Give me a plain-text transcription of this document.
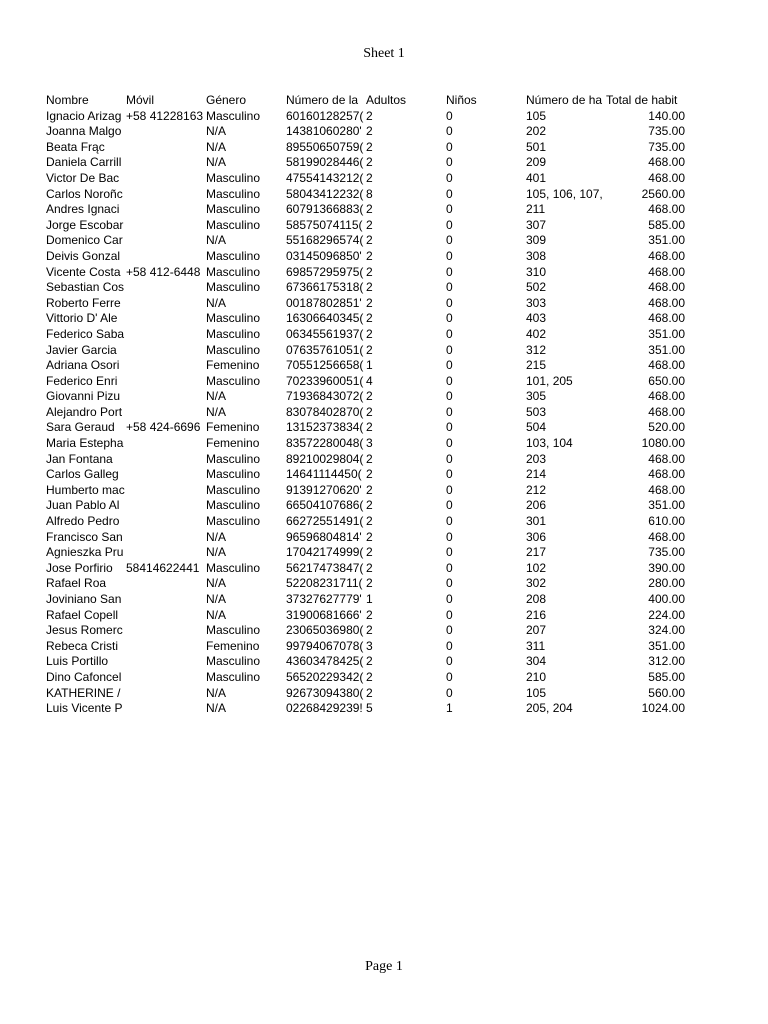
Sheet 1
Nombre	Móvil	Género	Número de la	Adultos	Niños	Número de ha	Total de habit
Ignacio Arizag	+58 41228163	Masculino	60160128257(	2	0	105	140.00
Joanna Malgo		N/A	14381060280'	2	0	202	735.00
Beata Frąc		N/A	89550650759(	2	0	501	735.00
Daniela Carrill		N/A	58199028446(	2	0	209	468.00
Victor De Bac		Masculino	47554143212(	2	0	401	468.00
Carlos Noroñc		Masculino	58043412232(	8	0	105, 106, 107,	2560.00
Andres Ignaci		Masculino	60791366883(	2	0	211	468.00
Jorge Escobar		Masculino	58575074115(	2	0	307	585.00
Domenico Car		N/A	55168296574(	2	0	309	351.00
Deivis Gonzal		Masculino	03145096850'	2	0	308	468.00
Vicente Costa	+58 412-6448	Masculino	69857295975(	2	0	310	468.00
Sebastian Cos		Masculino	67366175318(	2	0	502	468.00
Roberto Ferre		N/A	00187802851'	2	0	303	468.00
Vittorio D' Ale		Masculino	16306640345(	2	0	403	468.00
Federico Saba		Masculino	06345561937(	2	0	402	351.00
Javier Garcia		Masculino	07635761051(	2	0	312	351.00
Adriana Osori		Femenino	70551256658(	1	0	215	468.00
Federico Enri		Masculino	70233960051(	4	0	101, 205	650.00
Giovanni Pizu		N/A	71936843072(	2	0	305	468.00
Alejandro Port		N/A	83078402870(	2	0	503	468.00
Sara Geraud	+58 424-6696	Femenino	13152373834(	2	0	504	520.00
Maria Estepha		Femenino	83572280048(	3	0	103, 104	1080.00
Jan Fontana		Masculino	89210029804(	2	0	203	468.00
Carlos Galleg		Masculino	14641114450(	2	0	214	468.00
Humberto mac		Masculino	91391270620'	2	0	212	468.00
Juan Pablo Al		Masculino	66504107686(	2	0	206	351.00
Alfredo Pedro		Masculino	66272551491(	2	0	301	610.00
Francisco San		N/A	96596804814'	2	0	306	468.00
Agnieszka Pru		N/A	17042174999(	2	0	217	735.00
Jose Porfirio	58414622441	Masculino	56217473847(	2	0	102	390.00
Rafael Roa		N/A	52208231711(	2	0	302	280.00
Joviniano San		N/A	37327627779'	1	0	208	400.00
Rafael Copell		N/A	31900681666'	2	0	216	224.00
Jesus Romerc		Masculino	23065036980(	2	0	207	324.00
Rebeca Cristi		Femenino	99794067078(	3	0	311	351.00
Luis Portillo		Masculino	43603478425(	2	0	304	312.00
Dino Cafoncel		Masculino	56520229342(	2	0	210	585.00
KATHERINE /		N/A	92673094380(	2	0	105	560.00
Luis Vicente P		N/A	02268429239!	5	1	205, 204	1024.00
Page 1
